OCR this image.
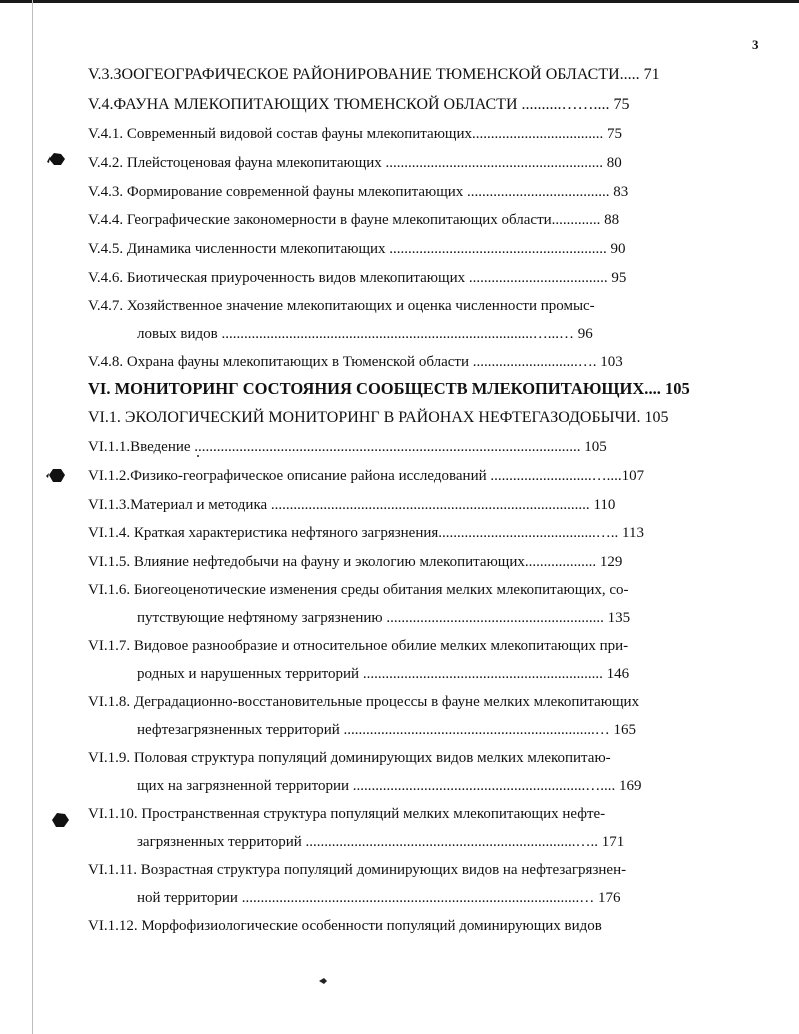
3
V.3.ЗООГЕОГРАФИЧЕСКОЕ РАЙОНИРОВАНИЕ ТЮМЕНСКОЙ ОБЛАСТИ..... 71
V.4.ФАУНА МЛЕКОПИТАЮЩИХ ТЮМЕНСКОЙ ОБЛАСТИ ..........…….... 75
V.4.1. Современный видовой состав фауны млекопитающих................................... 75
V.4.2. Плейстоценовая фауна млекопитающих .......................................................... 80
V.4.3. Формирование современной фауны млекопитающих ...................................... 83
V.4.4. Географические закономерности в фауне млекопитающих области............. 88
V.4.5. Динамика численности млекопитающих .......................................................... 90
V.4.6. Биотическая приуроченность видов млекопитающих ..................................... 95
V.4.7. Хозяйственное значение млекопитающих и оценка численности промыс-
ловых видов ...................................................................................…...… 96
V.4.8. Охрана фауны млекопитающих в Тюменской области ............................…. 103
VI. МОНИТОРИНГ СОСТОЯНИЯ СООБЩЕСТВ МЛЕКОПИТАЮЩИХ.... 105
VI.1. ЭКОЛОГИЧЕСКИЙ МОНИТОРИНГ В РАЙОНАХ НЕФТЕГАЗОДОБЫЧИ. 105
VI.1.1.Введение ....................................................................................................... 105
VI.1.2.Физико-географическое описание района исследований ...........................…....107
VI.1.3.Материал и методика ..................................................................................... 110
VI.1.4. Краткая характеристика нефтяного загрязнения..........................................….. 113
VI.1.5. Влияние нефтедобычи на фауну и экологию млекопитающих................... 129
VI.1.6. Биогеоценотические изменения среды обитания мелких млекопитающих, со-
путствующие нефтяному загрязнению .......................................................... 135
VI.1.7. Видовое разнообразие и относительное обилие мелких млекопитающих при-
родных и нарушенных территорий ................................................................ 146
VI.1.8. Деградационно-восстановительные процессы в фауне мелких млекопитающих
нефтезагрязненных территорий ...................................................................… 165
VI.1.9. Половая структура популяций доминирующих видов мелких млекопитаю-
щих на загрязненной территории ..............................................................….... 169
VI.1.10. Пространственная структура популяций мелких млекопитающих нефте-
загрязненных территорий ........................................................................….. 171
VI.1.11. Возрастная структура популяций доминирующих видов на нефтезагрязнен-
ной территории ..........................................................................................… 176
VI.1.12. Морфофизиологические особенности популяций доминирующих видов
